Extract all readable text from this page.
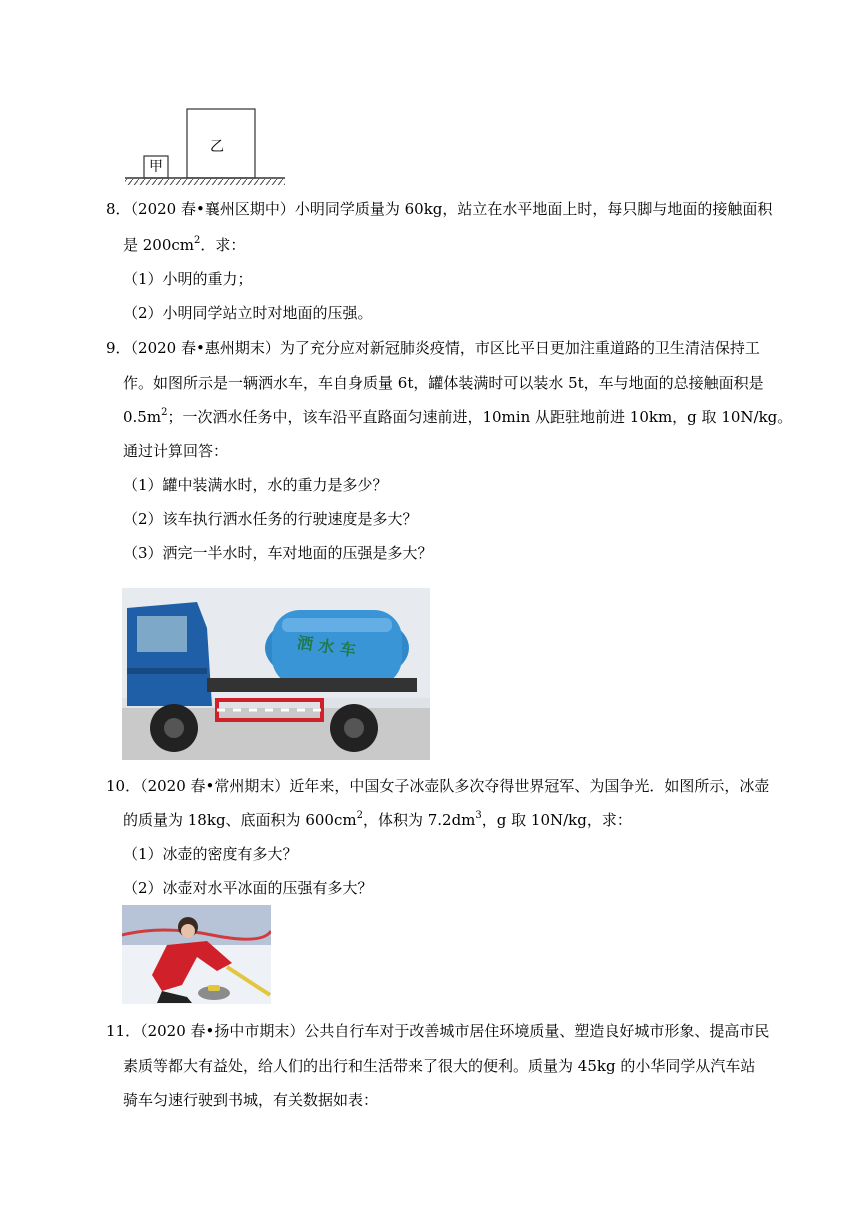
甲
乙
8．（2020 春•襄州区期中）小明同学质量为 60kg，站立在水平地面上时，每只脚与地面的接触面积
是 $200cm^2$．求：
（1）小明的重力；
（2）小明同学站立时对地面的压强。
9．（2020 春•惠州期末）为了充分应对新冠肺炎疫情，市区比平日更加注重道路的卫生清洁保持工
作。如图所示是一辆洒水车，车自身质量 6t，罐体装满时可以装水 5t，车与地面的总接触面积是
$0.5m^2$；一次洒水任务中，该车沿平直路面匀速前进，10min 从距驻地前进 10km，g 取 10N/kg。
通过计算回答：
（1）罐中装满水时，水的重力是多少？
（2）该车执行洒水任务的行驶速度是多大？
（3）洒完一半水时，车对地面的压强是多大？
洒 水 车
10．（2020 春•常州期末）近年来，中国女子冰壶队多次夺得世界冠军、为国争光．如图所示，冰壶
的质量为 18kg、底面积为 $600cm^2$，体积为 $7.2dm^3$，g 取 10N/kg，求：
（1）冰壶的密度有多大？
（2）冰壶对水平冰面的压强有多大？
11．（2020 春•扬中市期末）公共自行车对于改善城市居住环境质量、塑造良好城市形象、提高市民
素质等都大有益处，给人们的出行和生活带来了很大的便利。质量为 45kg 的小华同学从汽车站
骑车匀速行驶到书城，有关数据如表：
